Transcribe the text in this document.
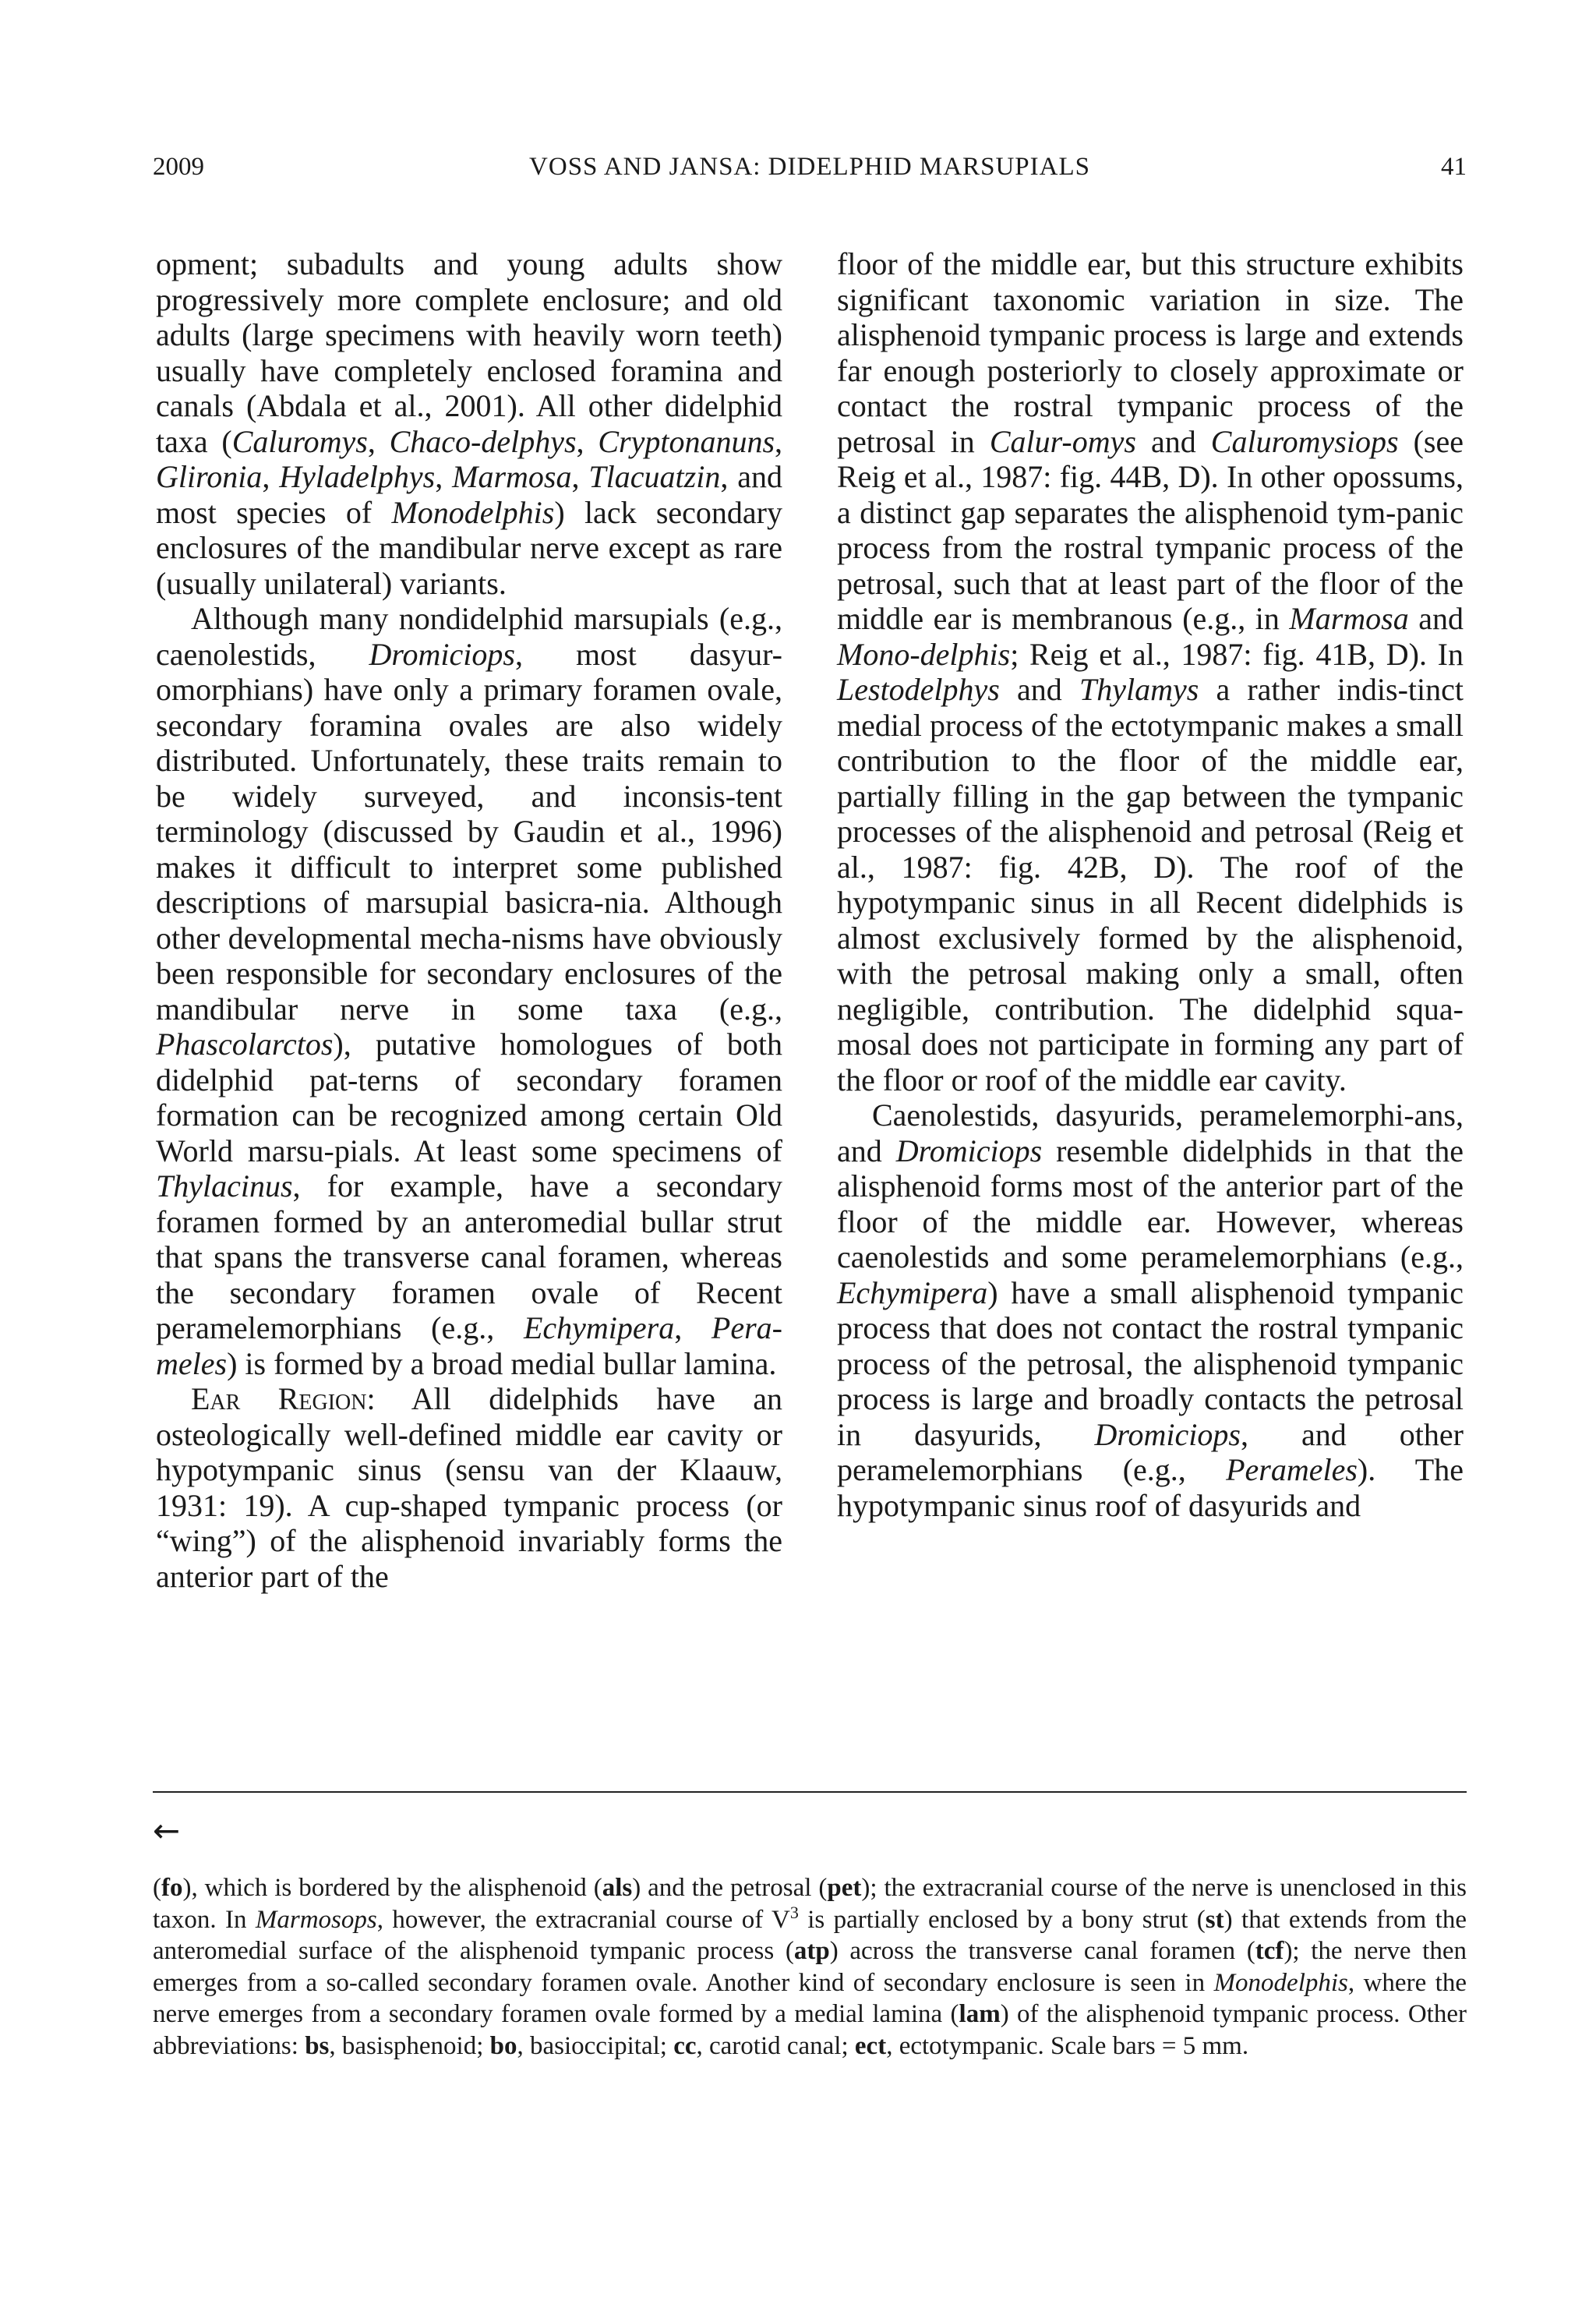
2009	VOSS AND JANSA: DIDELPHID MARSUPIALS	41

opment; subadults and young adults show progressively more complete enclosure; and old adults (large specimens with heavily worn teeth) usually have completely enclosed foramina and canals (Abdala et al., 2001). All other didelphid taxa (Caluromys, Chaco-delphys, Cryptonanuns, Glironia, Hyladelphys, Marmosa, Tlacuatzin, and most species of Monodelphis) lack secondary enclosures of the mandibular nerve except as rare (usually unilateral) variants.

Although many nondidelphid marsupials (e.g., caenolestids, Dromiciops, most dasyur-omorphians) have only a primary foramen ovale, secondary foramina ovales are also widely distributed. Unfortunately, these traits remain to be widely surveyed, and inconsis-tent terminology (discussed by Gaudin et al., 1996) makes it difficult to interpret some published descriptions of marsupial basicra-nia. Although other developmental mecha-nisms have obviously been responsible for secondary enclosures of the mandibular nerve in some taxa (e.g., Phascolarctos), putative homologues of both didelphid pat-terns of secondary foramen formation can be recognized among certain Old World marsu-pials. At least some specimens of Thylacinus, for example, have a secondary foramen formed by an anteromedial bullar strut that spans the transverse canal foramen, whereas the secondary foramen ovale of Recent peramelemorphians (e.g., Echymipera, Pera-meles) is formed by a broad medial bullar lamina.

Ear Region: All didelphids have an osteologically well-defined middle ear cavity or hypotympanic sinus (sensu van der Klaauw, 1931: 19). A cup-shaped tympanic process (or “wing”) of the alisphenoid invariably forms the anterior part of the

floor of the middle ear, but this structure exhibits significant taxonomic variation in size. The alisphenoid tympanic process is large and extends far enough posteriorly to closely approximate or contact the rostral tympanic process of the petrosal in Calur-omys and Caluromysiops (see Reig et al., 1987: fig. 44B, D). In other opossums, a distinct gap separates the alisphenoid tym-panic process from the rostral tympanic process of the petrosal, such that at least part of the floor of the middle ear is membranous (e.g., in Marmosa and Mono-delphis; Reig et al., 1987: fig. 41B, D). In Lestodelphys and Thylamys a rather indis-tinct medial process of the ectotympanic makes a small contribution to the floor of the middle ear, partially filling in the gap between the tympanic processes of the alisphenoid and petrosal (Reig et al., 1987: fig. 42B, D). The roof of the hypotympanic sinus in all Recent didelphids is almost exclusively formed by the alisphenoid, with the petrosal making only a small, often negligible, contribution. The didelphid squa-mosal does not participate in forming any part of the floor or roof of the middle ear cavity.

Caenolestids, dasyurids, peramelemorphi-ans, and Dromiciops resemble didelphids in that the alisphenoid forms most of the anterior part of the floor of the middle ear. However, whereas caenolestids and some peramelemorphians (e.g., Echymipera) have a small alisphenoid tympanic process that does not contact the rostral tympanic process of the petrosal, the alisphenoid tympanic process is large and broadly contacts the petrosal in dasyurids, Dromiciops, and other peramelemorphians (e.g., Perameles). The hypotympanic sinus roof of dasyurids and

←

(fo), which is bordered by the alisphenoid (als) and the petrosal (pet); the extracranial course of the nerve is unenclosed in this taxon. In Marmosops, however, the extracranial course of $V^3$ is partially enclosed by a bony strut (st) that extends from the anteromedial surface of the alisphenoid tympanic process (atp) across the transverse canal foramen (tcf); the nerve then emerges from a so-called secondary foramen ovale. Another kind of secondary enclosure is seen in Monodelphis, where the nerve emerges from a secondary foramen ovale formed by a medial lamina (lam) of the alisphenoid tympanic process. Other abbreviations: bs, basisphenoid; bo, basioccipital; cc, carotid canal; ect, ectotympanic. Scale bars = 5 mm.
